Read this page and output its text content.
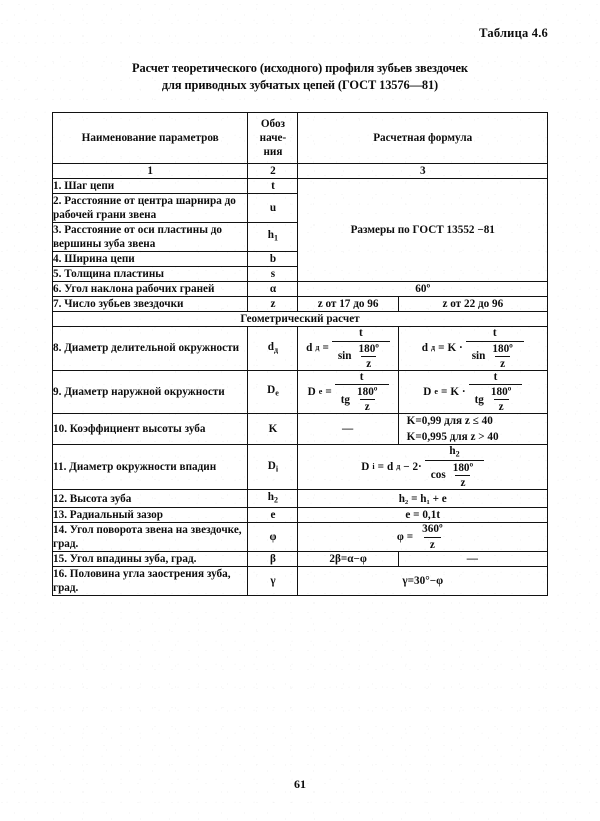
Таблица 4.6
Расчет теоретического (исходного) профиля зубьев звездочек
для приводных зубчатых цепей (ГОСТ 13576—81)
Наименование параметров	Обоз
наче-
ния	Расчетная формула	
1	2	3	
1. Шаг цепи	t	Размеры по ГОСТ 13552 −81	
2. Расстояние от центра шарнира до рабочей грани звена	u		
3. Расстояние от оси пластины до вершины зуба звена	$h_1$
4. Ширина цепи	b		
5. Толщина пластины	s		
6. Угол наклона рабочих граней	α	60º	
7. Число зубьев звездочки	z	z от 17 до 96	z от 22 до 96
Геометрический расчет			
8. Диаметр делительной окружности	$d_д$	d д =
t
$\sin \frac{\text{180º}}{z}$	d д = K ·
t
$\sin \frac{\text{180º}}{z}$

9. Диаметр наружной окружности	$D_e$	D e =
t
tg $\frac{\text{180º}}{z}$	D e = K ·
t
tg $\frac{\text{180º}}{z}$

10. Коэффициент высоты зуба	K	—	K=0,99 для z ≤ 40
K=0,995 для z > 40

11. Диаметр окружности впадин	$D_i$	D i = d д − 2·
$h_2$
$\cos \frac{\text{180º}}{z}$

12. Высота зуба	$h_2$	h₂ = h₁ + e	
13. Радиальный зазор	e	e = 0,1t	
14. Угол поворота звена на звездочке, град.	φ	$\varphi = \frac{\text{360º}}{z}$

15. Угол впадины зуба, град.	β	2β=α−φ	—
16. Половина угла заострения зуба, град.	γ	γ=30°−φ	
61
